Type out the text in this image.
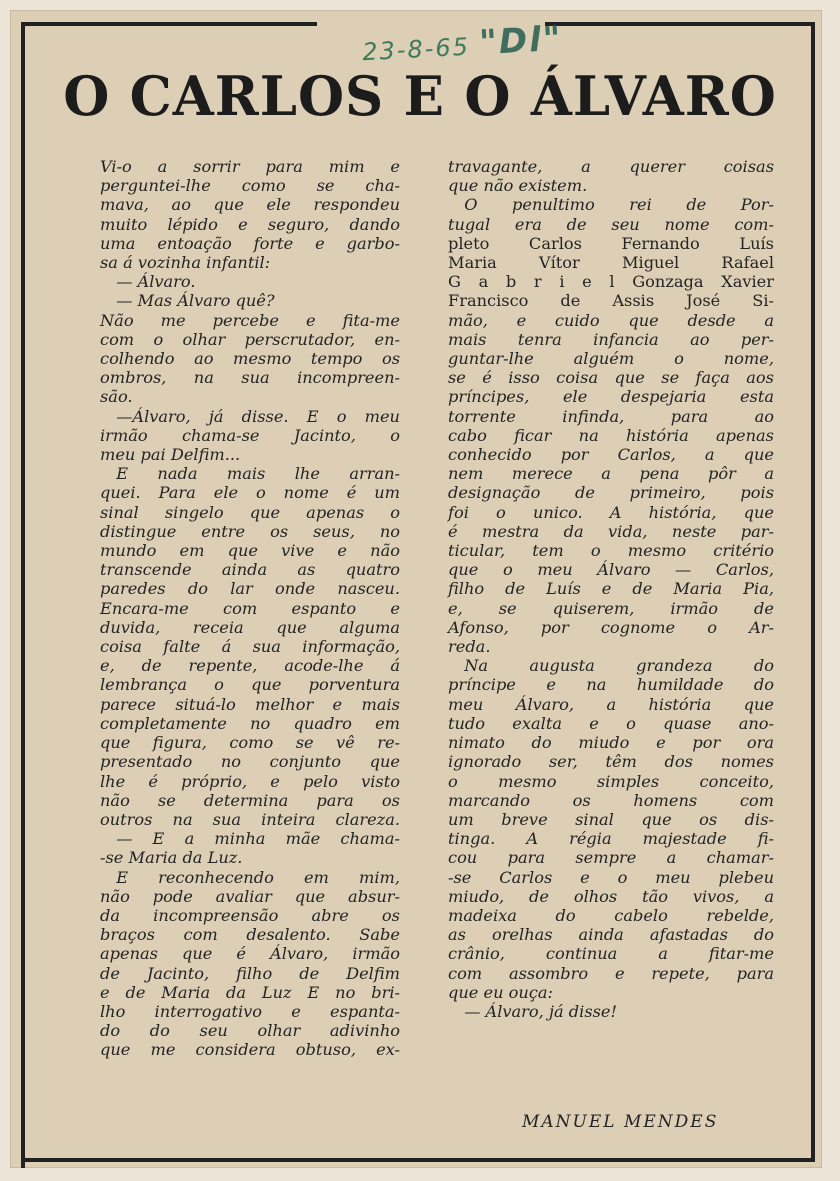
23-8-65 "Dl"
O CARLOS E O ÁLVARO
Vi-o a sorrir para mim e
perguntei-lhe como se cha-
mava, ao que ele respondeu
muito lépido e seguro, dando
uma entoação forte e garbo-
sa á vozinha infantil:
 — Álvaro.
 — Mas Álvaro quê?
Não me percebe e fita-me
com o olhar perscrutador, en-
colhendo ao mesmo tempo os
ombros, na sua incompreen-
são.
 —Álvaro, já disse. E o meu
irmão chama-se Jacinto, o
meu pai Delfim...
 E nada mais lhe arran-
quei. Para ele o nome é um
sinal singelo que apenas o
distingue entre os seus, no
mundo em que vive e não
transcende ainda as quatro
paredes do lar onde nasceu.
Encara-me com espanto e
duvida, receia que alguma
coisa falte á sua informação,
e, de repente, acode-lhe á
lembrança o que porventura
parece situá-lo melhor e mais
completamente no quadro em
que figura, como se vê re-
presentado no conjunto que
lhe é próprio, e pelo visto
não se determina para os
outros na sua inteira clareza.
 — E a minha mãe chama-
-se Maria da Luz.
 E reconhecendo em mim,
não pode avaliar que absur-
da incompreensão abre os
braços com desalento. Sabe
apenas que é Álvaro, irmão
de Jacinto, filho de Delfim
e de Maria da Luz E no bri-
lho interrogativo e espanta-
do do seu olhar adivinho
que me considera obtuso, ex-
travagante, a querer coisas
que não existem.
 O penultimo rei de Por-
tugal era de seu nome com-
pleto Carlos Fernando Luís
Maria Vítor Miguel Rafael
G a b r i e l Gonzaga Xavier
Francisco de Assis José Si-
mão, e cuido que desde a
mais tenra infancia ao per-
guntar-lhe alguém o nome,
se é isso coisa que se faça aos
príncipes, ele despejaria esta
torrente infinda, para ao
cabo ficar na história apenas
conhecido por Carlos, a que
nem merece a pena pôr a
designação de primeiro, pois
foi o unico. A história, que
é mestra da vida, neste par-
ticular, tem o mesmo critério
que o meu Álvaro — Carlos,
filho de Luís e de Maria Pia,
e, se quiserem, irmão de
Afonso, por cognome o Ar-
reda.
 Na augusta grandeza do
príncipe e na humildade do
meu Álvaro, a história que
tudo exalta e o quase ano-
nimato do miudo e por ora
ignorado ser, têm dos nomes
o mesmo simples conceito,
marcando os homens com
um breve sinal que os dis-
tinga. A régia majestade fi-
cou para sempre a chamar-
-se Carlos e o meu plebeu
miudo, de olhos tão vivos, a
madeixa do cabelo rebelde,
as orelhas ainda afastadas do
crânio, continua a fitar-me
com assombro e repete, para
que eu ouça:
 — Álvaro, já disse!
MANUEL MENDES
